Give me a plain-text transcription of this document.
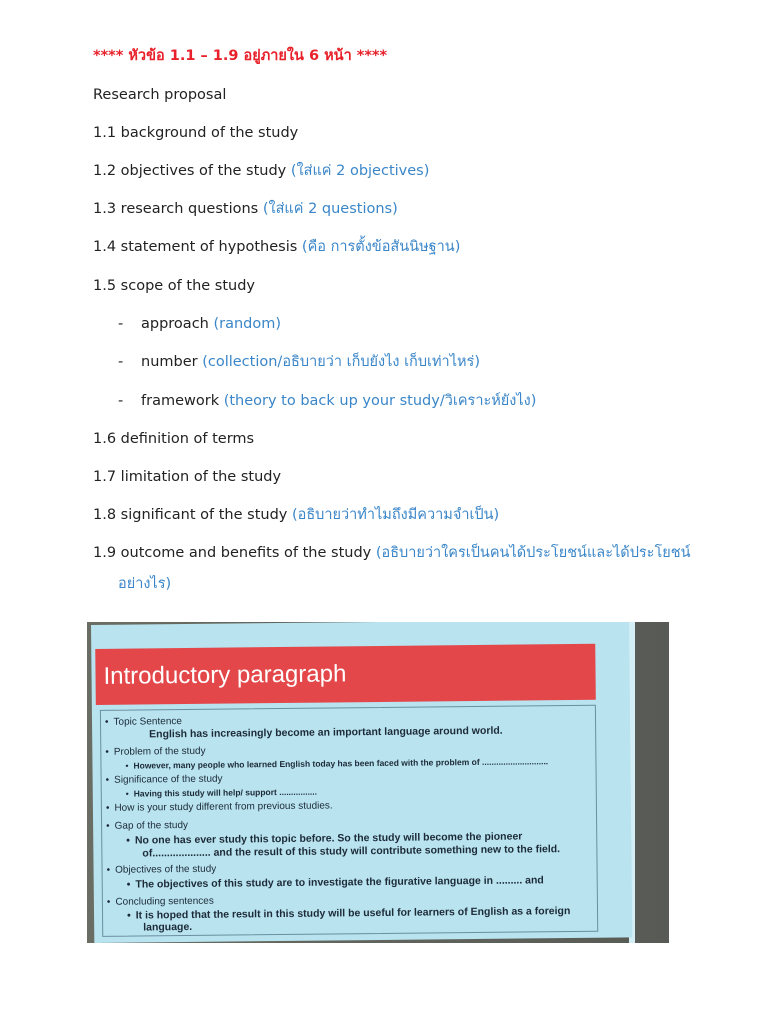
**** หัวข้อ 1.1 – 1.9 อยู่ภายใน 6 หน้า ****
Research proposal
1.1 background of the study
1.2 objectives of the study (ใส่แค่ 2 objectives)
1.3 research questions (ใส่แค่ 2 questions)
1.4 statement of hypothesis (คือ การตั้งข้อสันนิษฐาน)
1.5 scope of the study
- approach (random)
- number (collection/อธิบายว่า เก็บยังไง เก็บเท่าไหร่)
- framework (theory to back up your study/วิเคราะห์ยังไง)
1.6 definition of terms
1.7 limitation of the study
1.8 significant of the study (อธิบายว่าทำไมถึงมีความจำเป็น)
1.9 outcome and benefits of the study (อธิบายว่าใครเป็นคนได้ประโยชน์และได้ประโยชน์
อย่างไร)
Introductory paragraph
• Topic Sentence
English has increasingly become an important language around world.
• Problem of the study
• However, many people who learned English today has been faced with the problem of ............................
• Significance of the study
• Having this study will help/ support ................
• How is your study different from previous studies.
• Gap of the study
• No one has ever study this topic before. So the study will become the pioneer
of.................... and the result of this study will contribute something new to the field.
• Objectives of the study
• The objectives of this study are to investigate the figurative language in ......... and
• Concluding sentences
• It is hoped that the result in this study will be useful for learners of English as a foreign
language.
